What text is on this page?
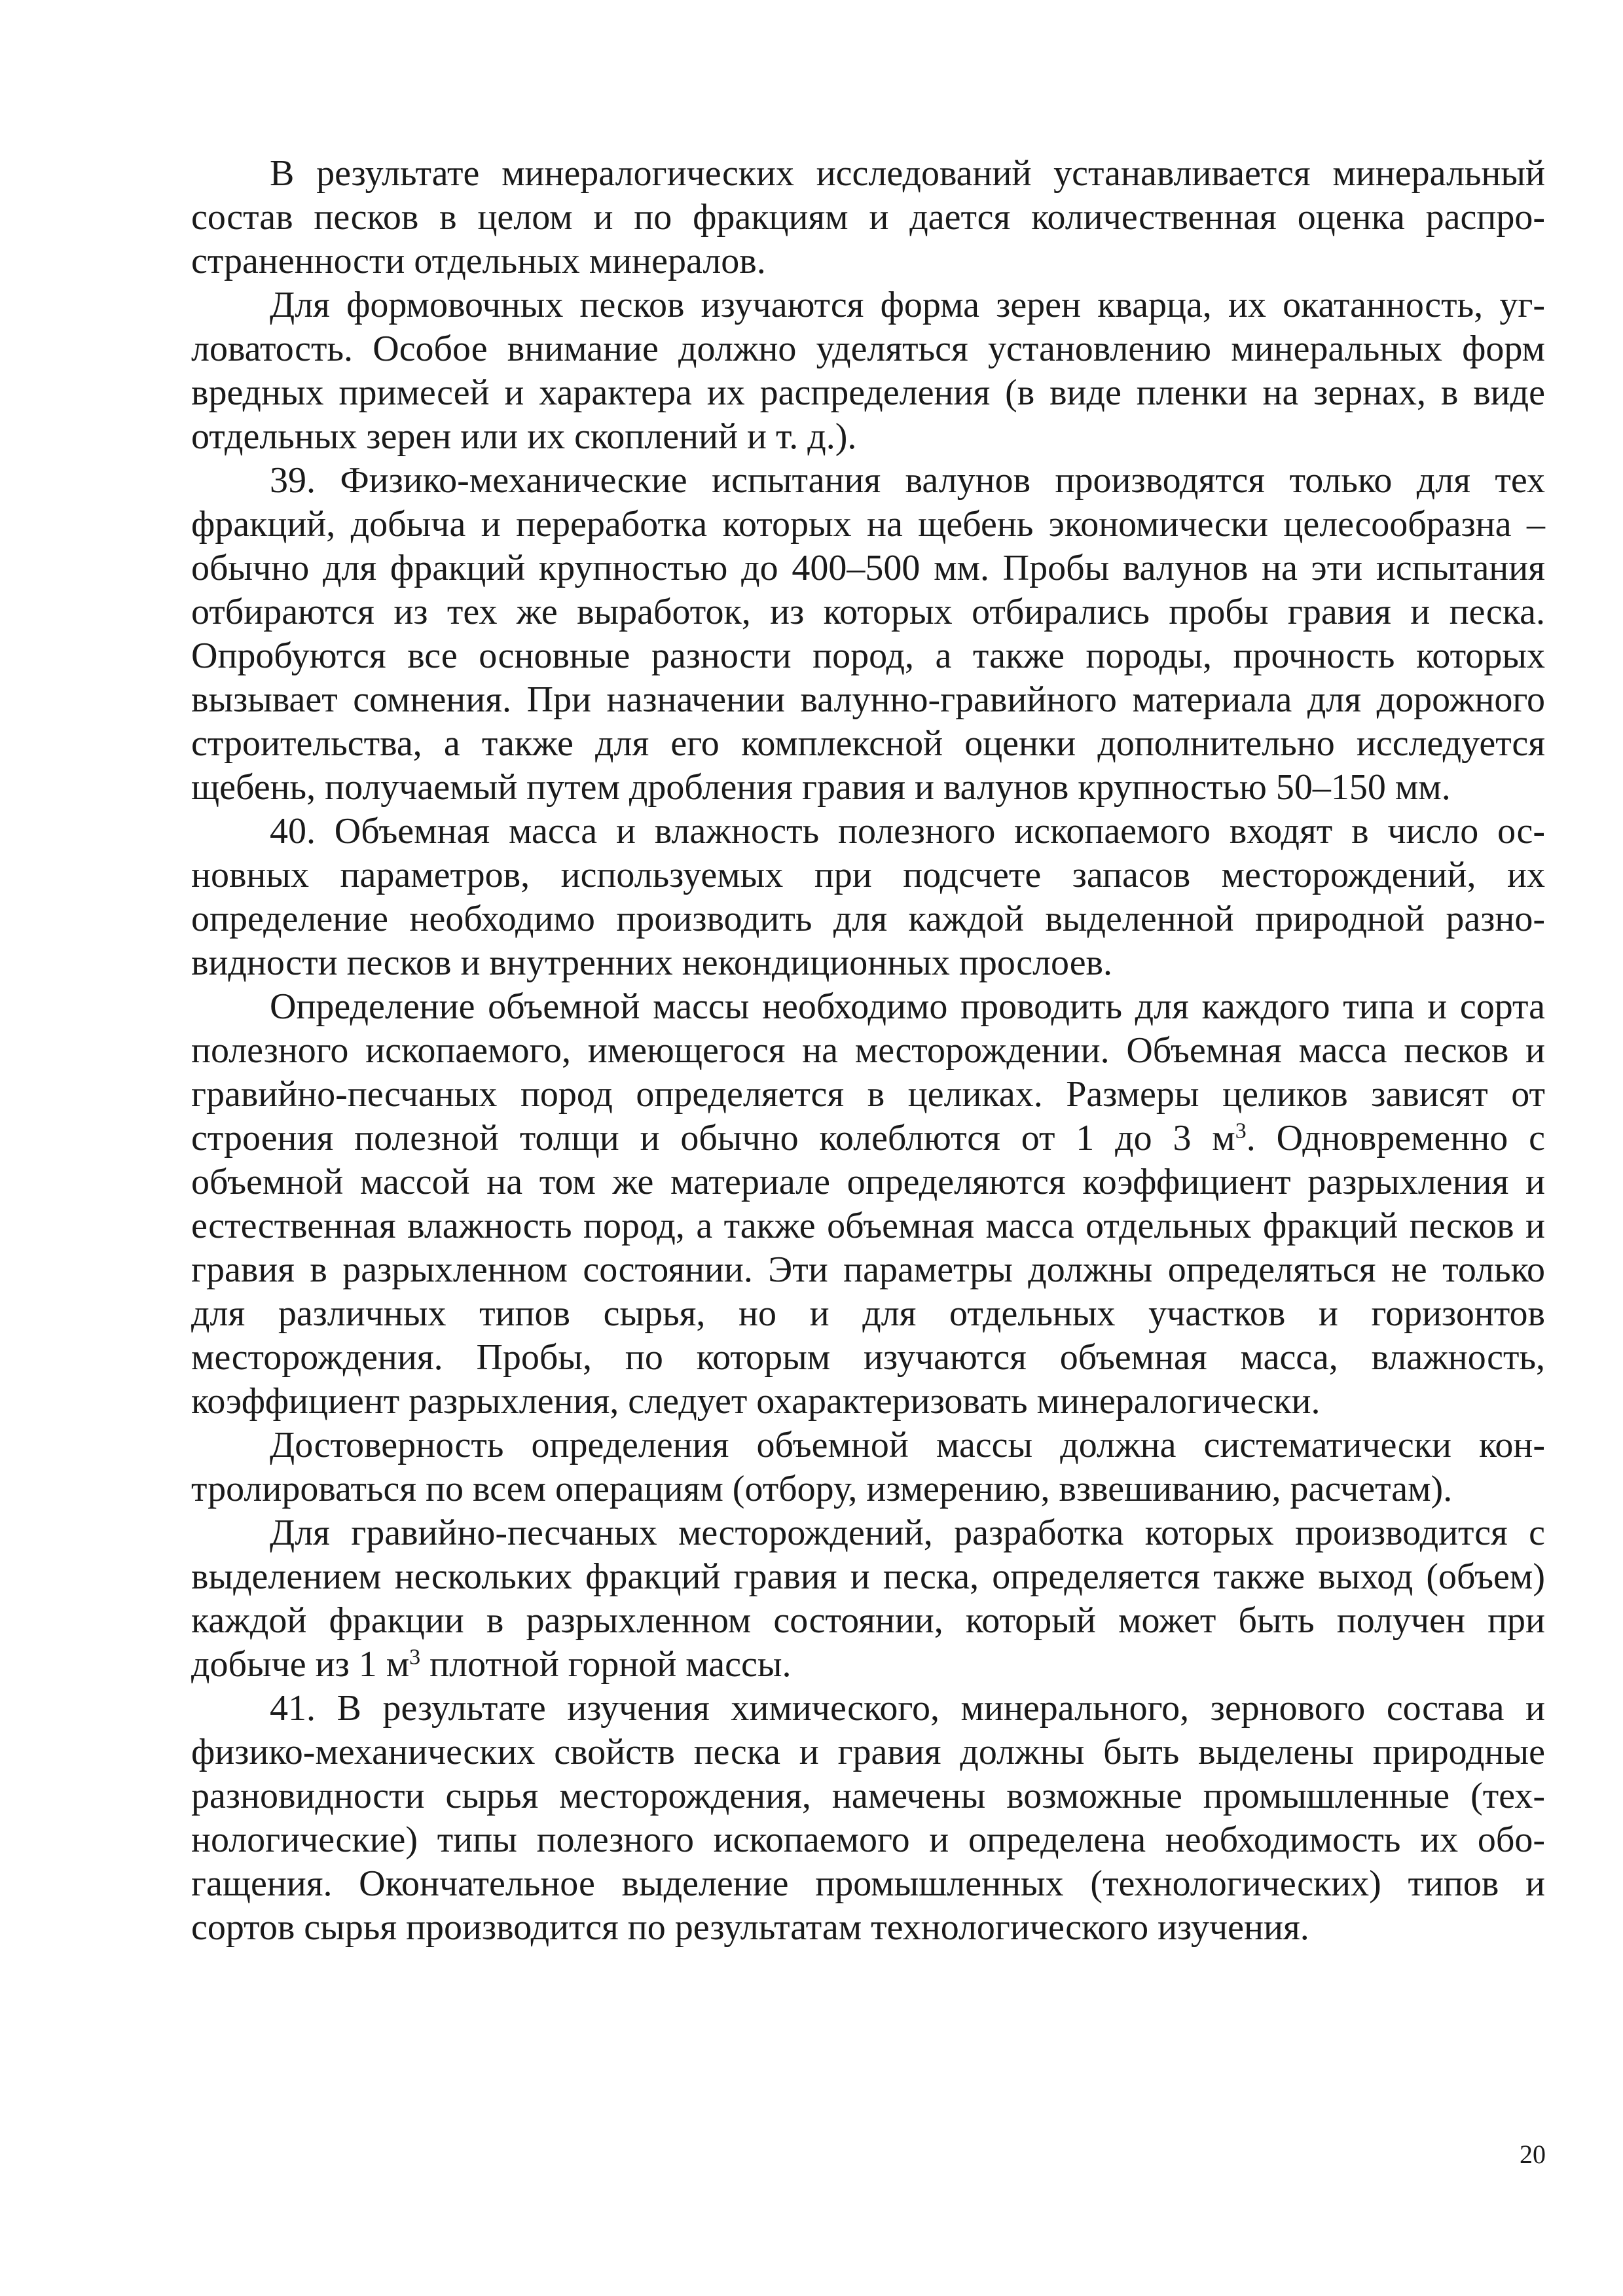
В результате минералогических исследований устанавливается минеральный состав песков в целом и по фракциям и дается количественная оценка распространенности отдельных минералов.

Для формовочных песков изучаются форма зерен кварца, их окатанность, угловатость. Особое внимание должно уделяться установлению минеральных форм вредных примесей и характера их распределения (в виде пленки на зернах, в виде отдельных зерен или их скоплений и т. д.).

39. Физико-механические испытания валунов производятся только для тех фракций, добыча и переработка которых на щебень экономически целесообразна – обычно для фракций крупностью до 400–500 мм. Пробы валунов на эти испытания отбираются из тех же выработок, из которых отбирались пробы гравия и песка. Опробуются все основные разности пород, а также породы, прочность которых вызывает сомнения. При назначении валунно-гравийного материала для дорожного строительства, а также для его комплексной оценки дополнительно исследуется щебень, получаемый путем дробления гравия и валунов крупностью 50–150 мм.

40. Объемная масса и влажность полезного ископаемого входят в число основных параметров, используемых при подсчете запасов месторождений, их определение необходимо производить для каждой выделенной природной разновидности песков и внутренних некондиционных прослоев.

Определение объемной массы необходимо проводить для каждого типа и сорта полезного ископаемого, имеющегося на месторождении. Объемная масса песков и гравийно-песчаных пород определяется в целиках. Размеры целиков зависят от строения полезной толщи и обычно колеблются от 1 до 3 $м^3$. Одновременно с объемной массой на том же материале определяются коэффициент разрыхления и естественная влажность пород, а также объемная масса отдельных фракций песков и гравия в разрыхленном состоянии. Эти параметры должны определяться не только для различных типов сырья, но и для отдельных участков и горизонтов месторождения. Пробы, по которым изучаются объемная масса, влажность, коэффициент разрыхления, следует охарактеризовать минералогически.

Достоверность определения объемной массы должна систематически контролироваться по всем операциям (отбору, измерению, взвешиванию, расчетам).

Для гравийно-песчаных месторождений, разработка которых производится с выделением нескольких фракций гравия и песка, определяется также выход (объем) каждой фракции в разрыхленном состоянии, который может быть получен при добыче из 1 $м^3$ плотной горной массы.

41. В результате изучения химического, минерального, зернового состава и физико-механических свойств песка и гравия должны быть выделены природные разновидности сырья месторождения, намечены возможные промышленные (технологические) типы полезного ископаемого и определена необходимость их обогащения. Окончательное выделение промышленных (технологических) типов и сортов сырья производится по результатам технологического изучения.

20
